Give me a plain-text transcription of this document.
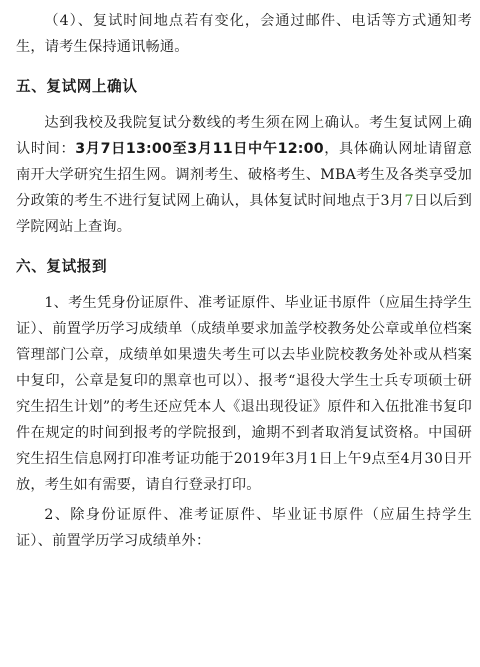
（4）、复试时间地点若有变化，会通过邮件、电话等方式通知考生，请考生保持通讯畅通。

五、复试网上确认

达到我校及我院复试分数线的考生须在网上确认。考生复试网上确认时间：3月7日13:00至3月11日中午12:00，具体确认网址请留意南开大学研究生招生网。调剂考生、破格考生、MBA考生及各类享受加分政策的考生不进行复试网上确认，具体复试时间地点于3月7日以后到学院网站上查询。

六、复试报到

1、考生凭身份证原件、准考证原件、毕业证书原件（应届生持学生证）、前置学历学习成绩单（成绩单要求加盖学校教务处公章或单位档案管理部门公章，成绩单如果遗失考生可以去毕业院校教务处补或从档案中复印，公章是复印的黑章也可以）、报考“退役大学生士兵专项硕士研究生招生计划”的考生还应凭本人《退出现役证》原件和入伍批准书复印件在规定的时间到报考的学院报到，逾期不到者取消复试资格。中国研究生招生信息网打印准考证功能于2019年3月1日上午9点至4月30日开放，考生如有需要，请自行登录打印。

2、除身份证原件、准考证原件、毕业证书原件（应届生持学生证）、前置学历学习成绩单外：
